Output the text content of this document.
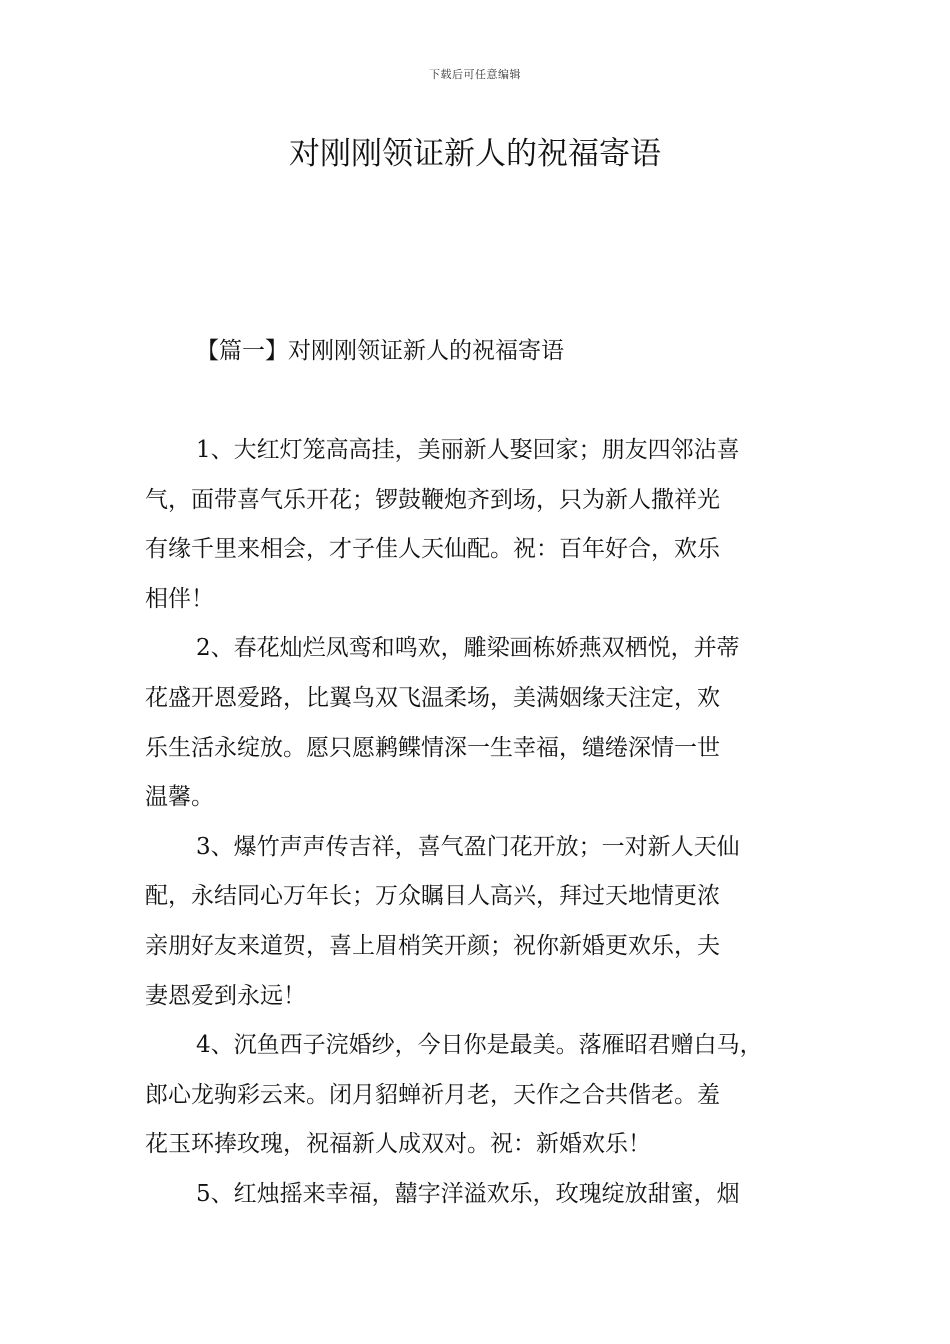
下载后可任意编辑
对刚刚领证新人的祝福寄语
【篇一】对刚刚领证新人的祝福寄语
1、大红灯笼高高挂，美丽新人娶回家；朋友四邻沾喜
气，面带喜气乐开花；锣鼓鞭炮齐到场，只为新人撒祥光
有缘千里来相会，才子佳人天仙配。祝：百年好合，欢乐
相伴！
2、春花灿烂凤鸾和鸣欢，雕梁画栋娇燕双栖悦，并蒂
花盛开恩爱路，比翼鸟双飞温柔场，美满姻缘天注定，欢
乐生活永绽放。愿只愿鹣鲽情深一生幸福，缱绻深情一世
温馨。
3、爆竹声声传吉祥，喜气盈门花开放；一对新人天仙
配，永结同心万年长；万众瞩目人高兴，拜过天地情更浓
亲朋好友来道贺，喜上眉梢笑开颜；祝你新婚更欢乐，夫
妻恩爱到永远！
4、沉鱼西子浣婚纱，今日你是最美。落雁昭君赠白马，
郎心龙驹彩云来。闭月貂蝉祈月老，天作之合共偕老。羞
花玉环捧玫瑰，祝福新人成双对。祝：新婚欢乐！
5、红烛摇来幸福，囍字洋溢欢乐，玫瑰绽放甜蜜，烟
